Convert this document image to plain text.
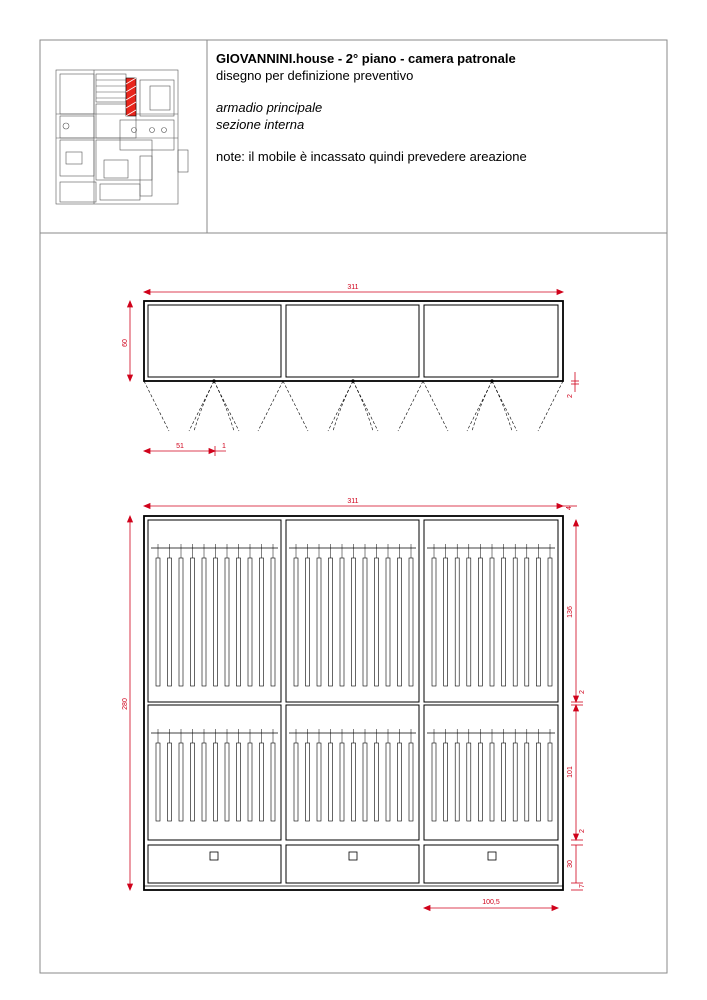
311
60
2
51	1
311
4
280
136
2
101
2
30
7
100,5
GIOVANNINI.house - 2° piano - camera patronale
disegno per definizione preventivo
armadio principale
sezione interna
note: il mobile è incassato quindi prevedere areazione
